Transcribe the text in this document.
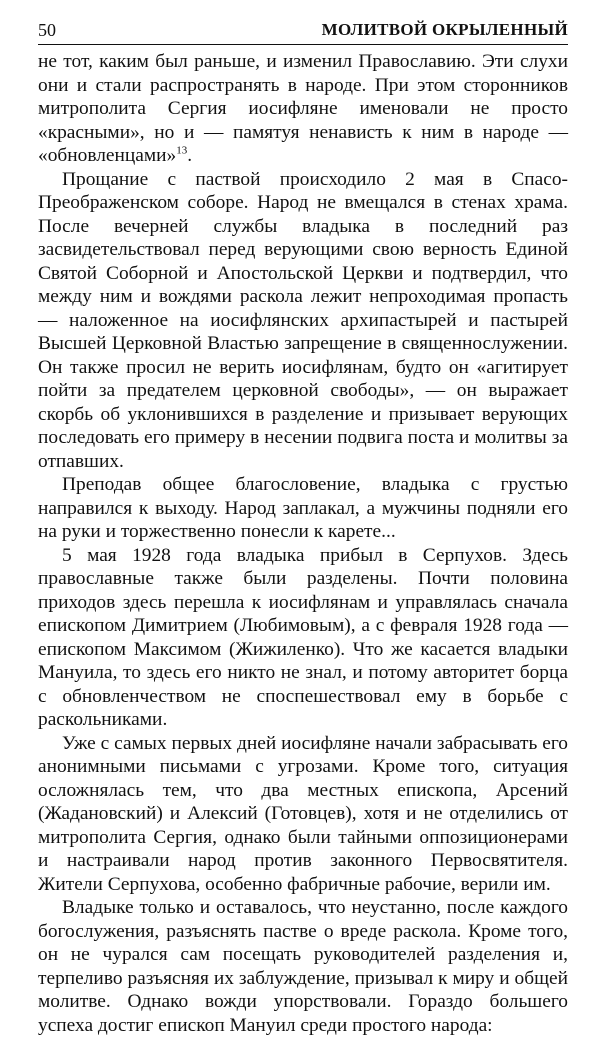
50	МОЛИТВОЙ ОКРЫЛЕННЫЙ

не тот, каким был раньше, и изменил Православию. Эти слухи они и стали распространять в народе. При этом сторонников митрополита Сергия иосифляне именовали не просто «красными», но и — памятуя ненависть к ним в народе — «обновленцами»$^{13}$.

Прощание с паствой происходило 2 мая в Спасо-Преображенском соборе. Народ не вмещался в стенах храма. После вечерней службы владыка в последний раз засвидетельствовал перед верующими свою верность Единой Святой Соборной и Апостольской Церкви и подтвердил, что между ним и вождями раскола лежит непроходимая пропасть — наложенное на иосифлянских архипастырей и пастырей Высшей Церковной Властью запрещение в священнослужении. Он также просил не верить иосифлянам, будто он «агитирует пойти за предателем церковной свободы», — он выражает скорбь об уклонившихся в разделение и призывает верующих последовать его примеру в несении подвига поста и молитвы за отпавших.

Преподав общее благословение, владыка с грустью направился к выходу. Народ заплакал, а мужчины подняли его на руки и торжественно понесли к карете...

5 мая 1928 года владыка прибыл в Серпухов. Здесь православные также были разделены. Почти половина приходов здесь перешла к иосифлянам и управлялась сначала епископом Димитрием (Любимовым), а с февраля 1928 года — епископом Максимом (Жижиленко). Что же касается владыки Мануила, то здесь его никто не знал, и потому авторитет борца с обновленчеством не споспешествовал ему в борьбе с раскольниками.

Уже с самых первых дней иосифляне начали забрасывать его анонимными письмами с угрозами. Кроме того, ситуация осложнялась тем, что два местных епископа, Арсений (Жадановский) и Алексий (Готовцев), хотя и не отделились от митрополита Сергия, однако были тайными оппозиционерами и настраивали народ против законного Первосвятителя. Жители Серпухова, особенно фабричные рабочие, верили им.

Владыке только и оставалось, что неустанно, после каждого богослужения, разъяснять пастве о вреде раскола. Кроме того, он не чурался сам посещать руководителей разделения и, терпеливо разъясняя их заблуждение, призывал к миру и общей молитве. Однако вожди упорствовали. Гораздо большего успеха достиг епископ Мануил среди простого народа:
